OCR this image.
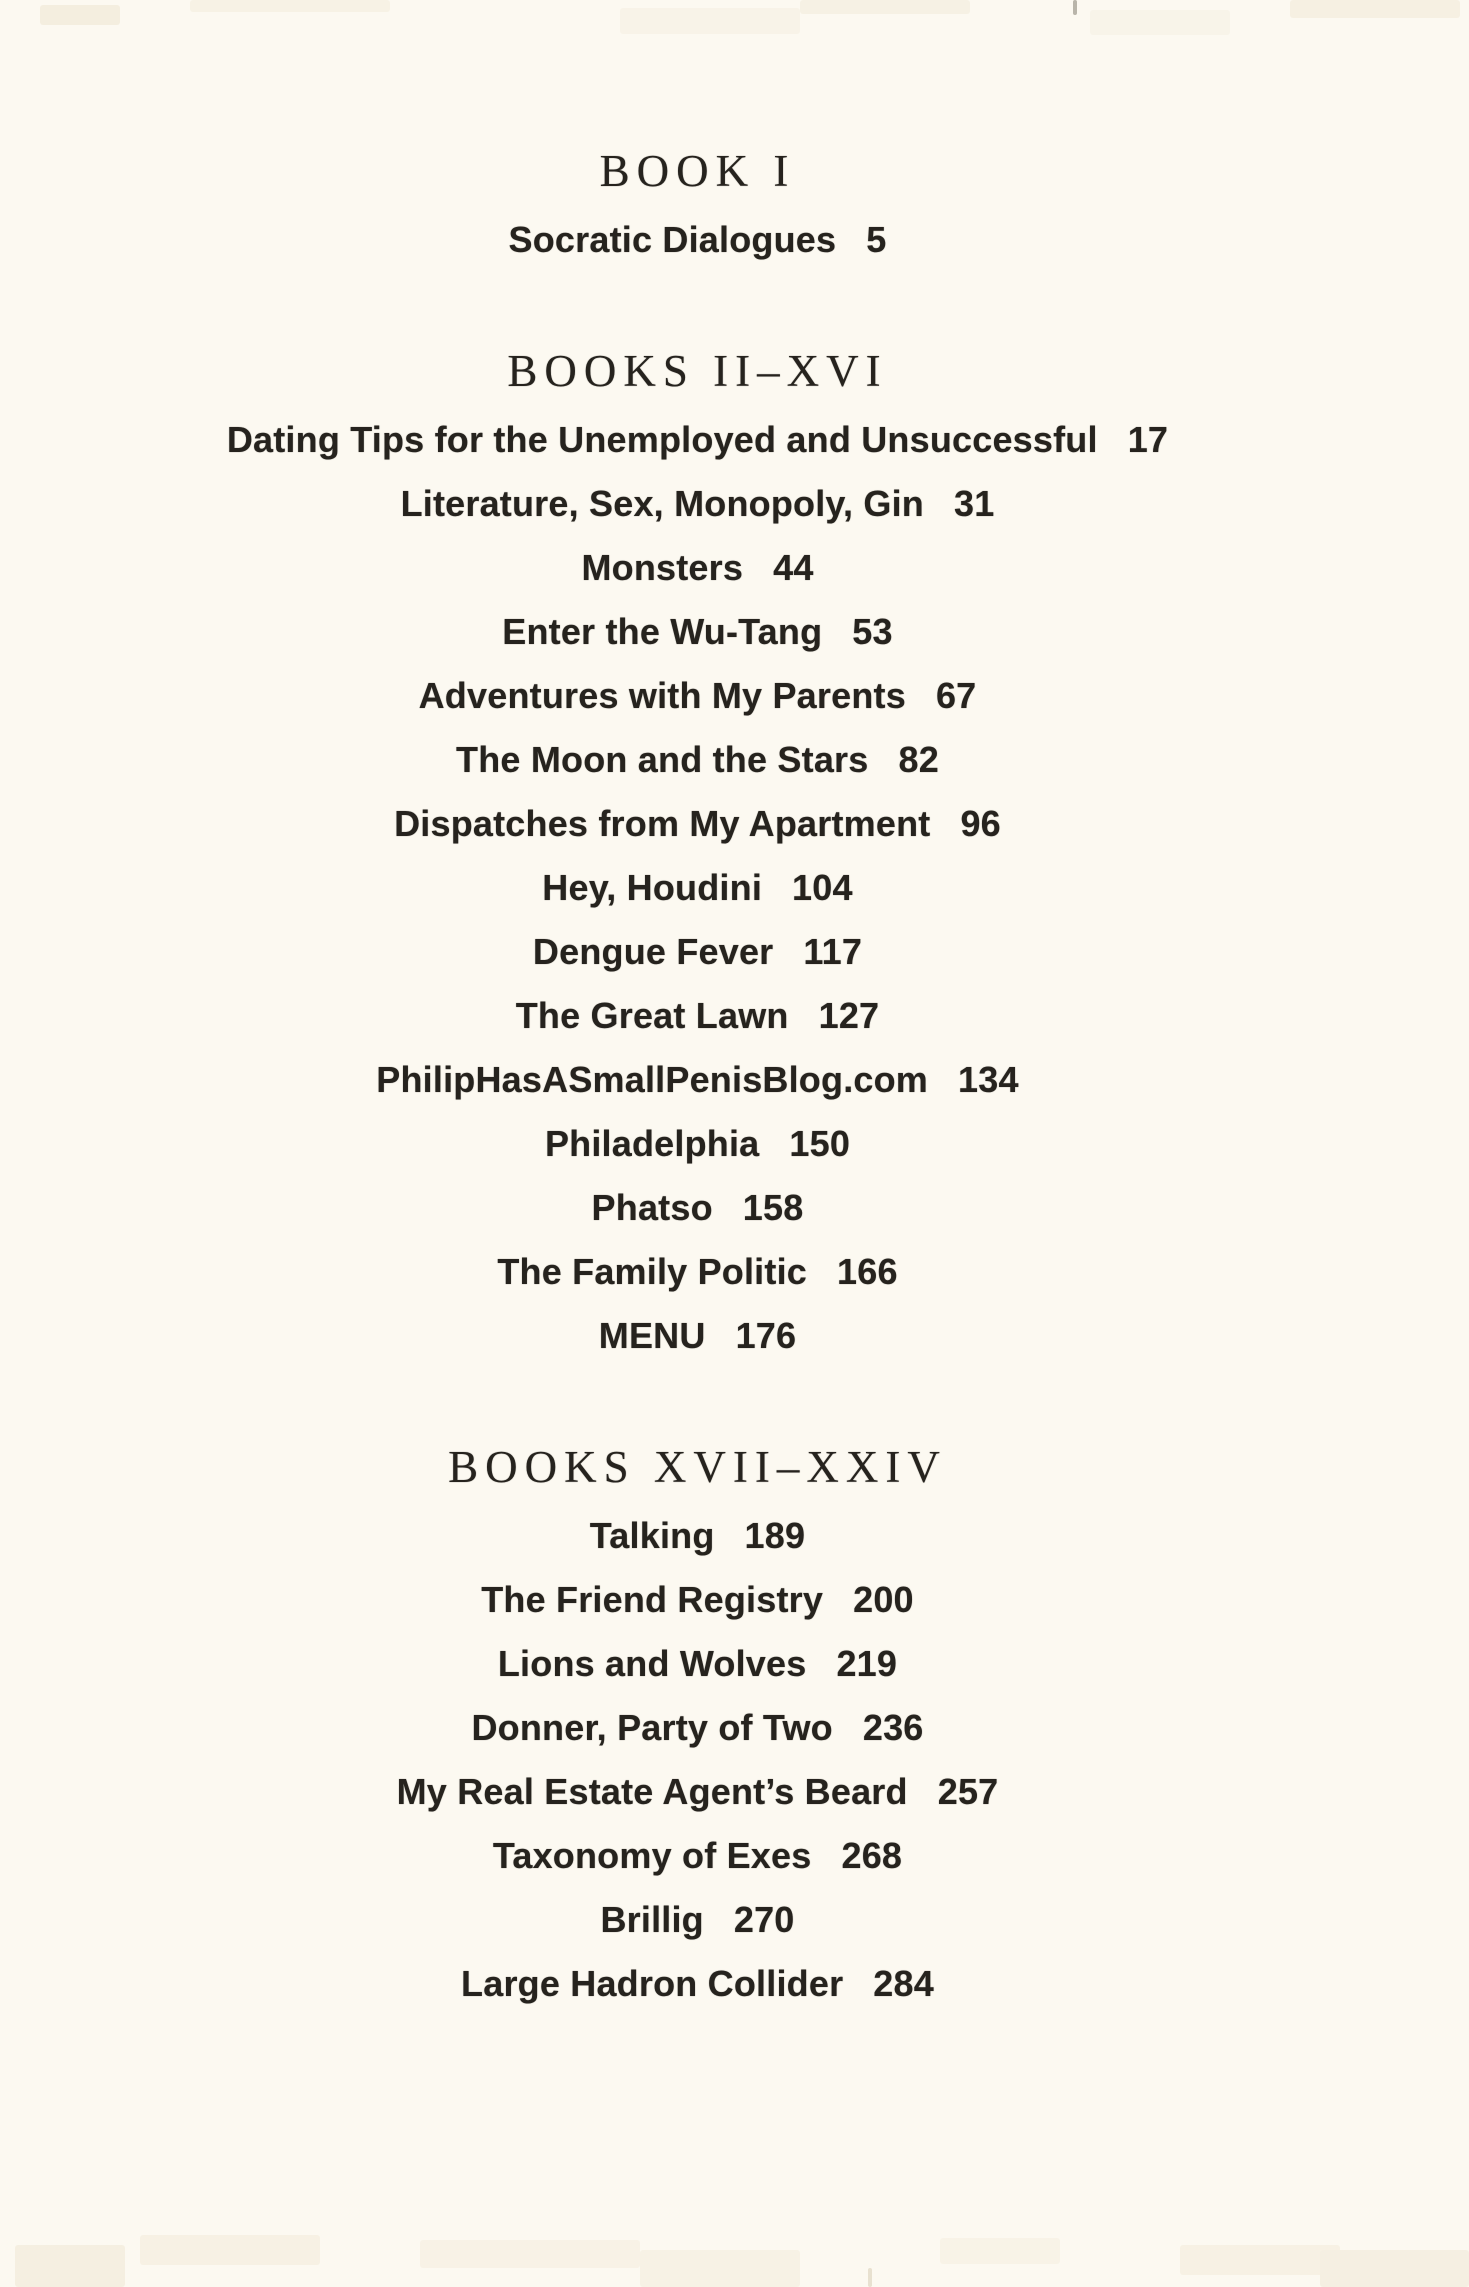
BOOK I
Socratic Dialogues 5
BOOKS II–XVI
Dating Tips for the Unemployed and Unsuccessful 17
Literature, Sex, Monopoly, Gin 31
Monsters 44
Enter the Wu-Tang 53
Adventures with My Parents 67
The Moon and the Stars 82
Dispatches from My Apartment 96
Hey, Houdini 104
Dengue Fever 117
The Great Lawn 127
PhilipHasASmallPenisBlog.com 134
Philadelphia 150
Phatso 158
The Family Politic 166
MENU 176
BOOKS XVII–XXIV
Talking 189
The Friend Registry 200
Lions and Wolves 219
Donner, Party of Two 236
My Real Estate Agent’s Beard 257
Taxonomy of Exes 268
Brillig 270
Large Hadron Collider 284
